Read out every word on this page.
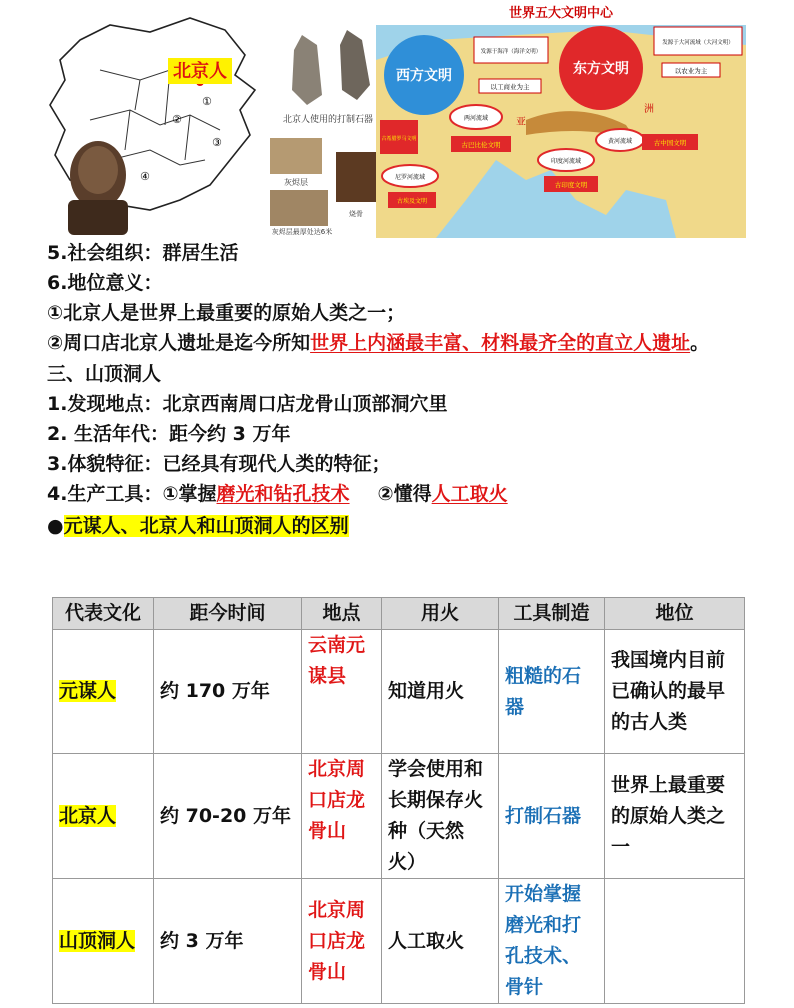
北京人
①
②
③
④
北京人使用的打制石器
灰烬层
烧骨
灰烬层最厚处达6米
世界五大文明中心
西方文明	东方文明
发源于海洋（海洋文明）
以工商业为主
发源于大河流域（大河文明）
以农业为主
古希腊罗马文明
两河流域
古巴比伦文明
亚
尼罗河流域
古埃及文明
印度河流域
古印度文明
黄河流域	古中国文明
洲
5.社会组织：群居生活
6.地位意义：
①北京人是世界上最重要的原始人类之一；
②周口店北京人遗址是迄今所知世界上内涵最丰富、材料最齐全的直立人遗址。
三、山顶洞人
1.发现地点：北京西南周口店龙骨山顶部洞穴里
2. 生活年代：距今约 3 万年
3.体貌特征：已经具有现代人类的特征；
4.生产工具：①掌握磨光和钻孔技术 ②懂得人工取火
●元谋人、北京人和山顶洞人的区别
代表文化	距今时间	地点	用火	工具制造	地位
元谋人	约 170 万年	云南元谋县	知道用火	粗糙的石器	我国境内目前已确认的最早的古人类
北京人	约 70-20 万年	北京周口店龙骨山	学会使用和长期保存火种（天然火）	打制石器	世界上最重要的原始人类之一
山顶洞人	约 3 万年	北京周口店龙骨山	人工取火	开始掌握磨光和打孔技术、骨针	
